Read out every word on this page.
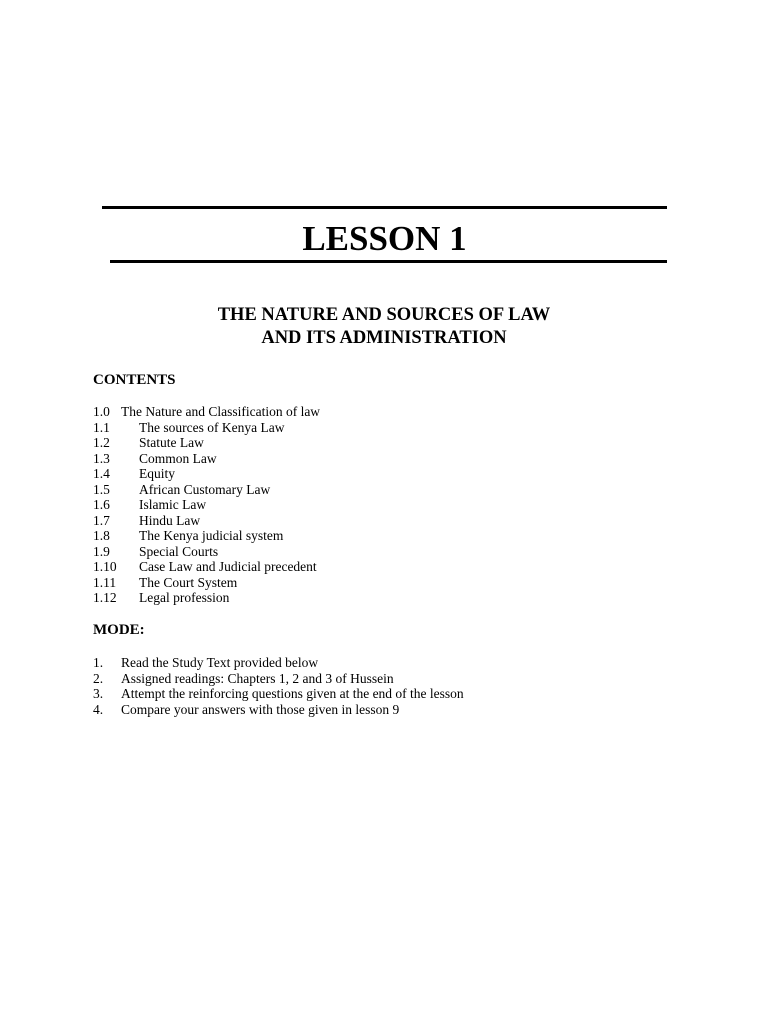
LESSON 1
THE NATURE AND SOURCES OF LAW
AND ITS ADMINISTRATION
CONTENTS
1.0 The Nature and Classification of law
1.1 The sources of Kenya Law
1.2 Statute Law
1.3 Common Law
1.4 Equity
1.5 African Customary Law
1.6 Islamic Law
1.7 Hindu Law
1.8 The Kenya judicial system
1.9 Special Courts
1.10 Case Law and Judicial precedent
1.11 The Court System
1.12 Legal profession
MODE:
1. Read the Study Text provided below
2. Assigned readings: Chapters 1, 2 and 3 of Hussein
3. Attempt the reinforcing questions given at the end of the lesson
4. Compare your answers with those given in lesson 9
